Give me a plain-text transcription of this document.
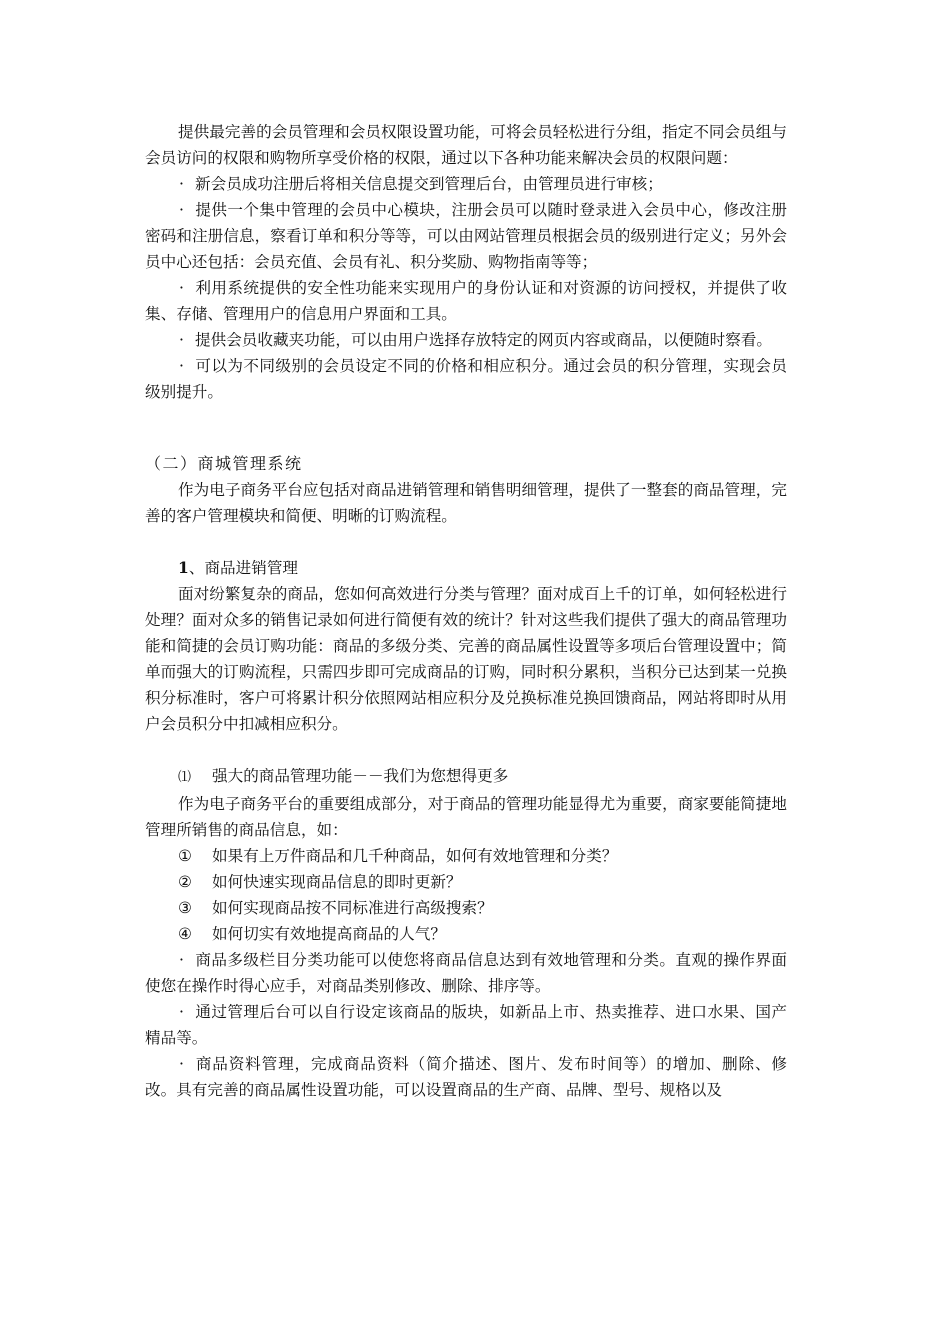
提供最完善的会员管理和会员权限设置功能，可将会员轻松进行分组，指定不同会员组与会员访问的权限和购物所享受价格的权限，通过以下各种功能来解决会员的权限问题：

· 新会员成功注册后将相关信息提交到管理后台，由管理员进行审核；

· 提供一个集中管理的会员中心模块，注册会员可以随时登录进入会员中心，修改注册密码和注册信息，察看订单和积分等等，可以由网站管理员根据会员的级别进行定义；另外会员中心还包括：会员充值、会员有礼、积分奖励、购物指南等等；

· 利用系统提供的安全性功能来实现用户的身份认证和对资源的访问授权，并提供了收集、存储、管理用户的信息用户界面和工具。

· 提供会员收藏夹功能，可以由用户选择存放特定的网页内容或商品，以便随时察看。

· 可以为不同级别的会员设定不同的价格和相应积分。通过会员的积分管理，实现会员级别提升。

（二）商城管理系统

作为电子商务平台应包括对商品进销管理和销售明细管理，提供了一整套的商品管理，完善的客户管理模块和简便、明晰的订购流程。

1、商品进销管理

面对纷繁复杂的商品，您如何高效进行分类与管理？面对成百上千的订单，如何轻松进行处理？面对众多的销售记录如何进行简便有效的统计？针对这些我们提供了强大的商品管理功能和简捷的会员订购功能：商品的多级分类、完善的商品属性设置等多项后台管理设置中；简单而强大的订购流程，只需四步即可完成商品的订购，同时积分累积，当积分已达到某一兑换积分标准时，客户可将累计积分依照网站相应积分及兑换标准兑换回馈商品，网站将即时从用户会员积分中扣减相应积分。

⑴ 强大的商品管理功能－－我们为您想得更多

作为电子商务平台的重要组成部分，对于商品的管理功能显得尤为重要，商家要能简捷地管理所销售的商品信息，如：

① 如果有上万件商品和几千种商品，如何有效地管理和分类？

② 如何快速实现商品信息的即时更新？

③ 如何实现商品按不同标准进行高级搜索？

④ 如何切实有效地提高商品的人气？

· 商品多级栏目分类功能可以使您将商品信息达到有效地管理和分类。直观的操作界面使您在操作时得心应手，对商品类别修改、删除、排序等。

· 通过管理后台可以自行设定该商品的版块，如新品上市、热卖推荐、进口水果、国产精品等。

· 商品资料管理，完成商品资料（简介描述、图片、发布时间等）的增加、删除、修改。具有完善的商品属性设置功能，可以设置商品的生产商、品牌、型号、规格以及
